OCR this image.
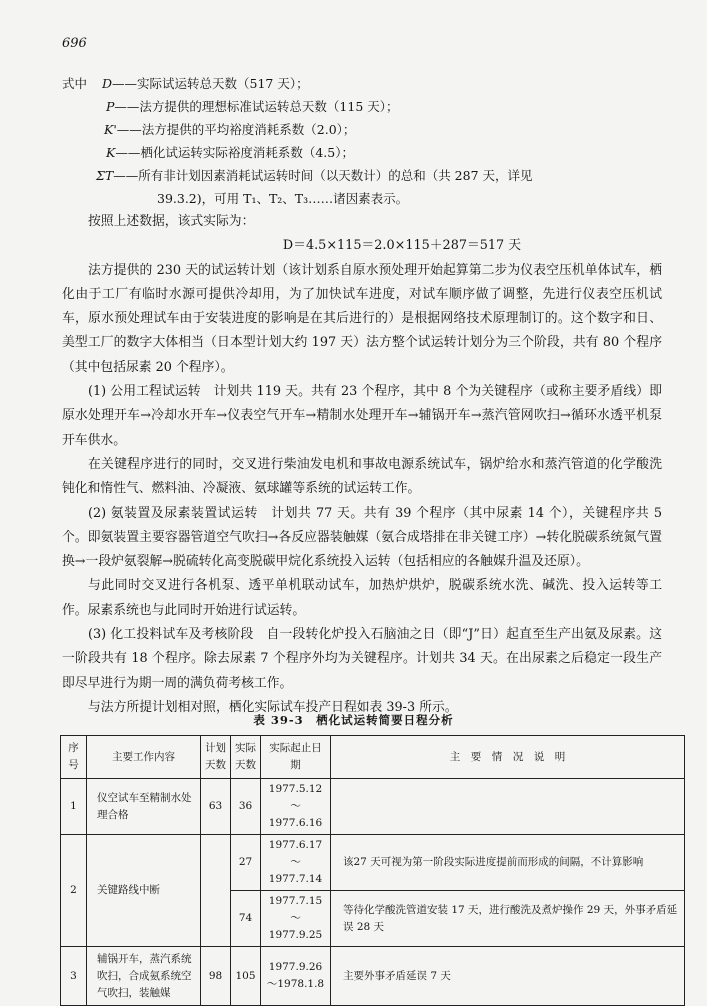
696
式中 D——实际试运转总天数（517 天）；
P——法方提供的理想标准试运转总天数（115 天）；
K'——法方提供的平均裕度消耗系数（2.0）；
K——栖化试运转实际裕度消耗系数（4.5）；
ΣT——所有非计划因素消耗试运转时间（以天数计）的总和（共 287 天，详见
39.3.2)，可用 T₁、T₂、T₃……诸因素表示。
按照上述数据，该式实际为：
D＝4.5×115＝2.0×115＋287＝517 天
法方提供的 230 天的试运转计划（该计划系自原水预处理开始起算第二步为仪表空压机单体试车，栖化由于工厂有临时水源可提供冷却用，为了加快试车进度，对试车顺序做了调整，先进行仪表空压机试车，原水预处理试车由于安装进度的影响是在其后进行的）是根据网络技术原理制订的。这个数字和日、美型工厂的数字大体相当（日本型计划大约 197 天）法方整个试运转计划分为三个阶段，共有 80 个程序（其中包括尿素 20 个程序）。
(1) 公用工程试运转　计划共 119 天。共有 23 个程序，其中 8 个为关键程序（或称主要矛盾线）即原水处理开车→冷却水开车→仪表空气开车→精制水处理开车→辅锅开车→蒸汽管网吹扫→循环水透平机泵开车供水。
在关键程序进行的同时，交叉进行柴油发电机和事故电源系统试车，锅炉给水和蒸汽管道的化学酸洗钝化和惰性气、燃料油、冷凝液、氨球罐等系统的试运转工作。
(2) 氨装置及尿素装置试运转　计划共 77 天。共有 39 个程序（其中尿素 14 个），关键程序共 5 个。即氨装置主要容器管道空气吹扫→各反应器装触媒（氨合成塔排在非关键工序）→转化脱碳系统氮气置换→一段炉氨裂解→脱硫转化高变脱碳甲烷化系统投入运转（包括相应的各触媒升温及还原）。
与此同时交叉进行各机泵、透平单机联动试车，加热炉烘炉，脱碳系统水洗、碱洗、投入运转等工作。尿素系统也与此同时开始进行试运转。
(3) 化工投料试车及考核阶段　自一段转化炉投入石脑油之日（即“J”日）起直至生产出氨及尿素。这一阶段共有 18 个程序。除去尿素 7 个程序外均为关键程序。计划共 34 天。在出尿素之后稳定一段生产即尽早进行为期一周的满负荷考核工作。
与法方所提计划相对照，栖化实际试车投产日程如表 39-3 所示。
表 39-3　栖化试运转简要日程分析
序号	主要工作内容	计划天数	实际天数	实际起止日期	主　要　情　况　说　明
1	仪空试车至精制水处理合格	63	36	1977.5.12
～1977.6.16	

2	关键路线中断		27	1977.6.17
～1977.7.14	该27 天可视为第一阶段实际进度提前而形成的间隔，不计算影响
			74	1977.7.15
～1977.9.25	等待化学酸洗管道安装 17 天，进行酸洗及煮炉操作 29 天，外事矛盾延误 28 天
3	辅锅开车，蒸汽系统吹扫，合成氨系统空气吹扫，装触媒	98	105	1977.9.26
～1978.1.8	主要外事矛盾延误 7 天
